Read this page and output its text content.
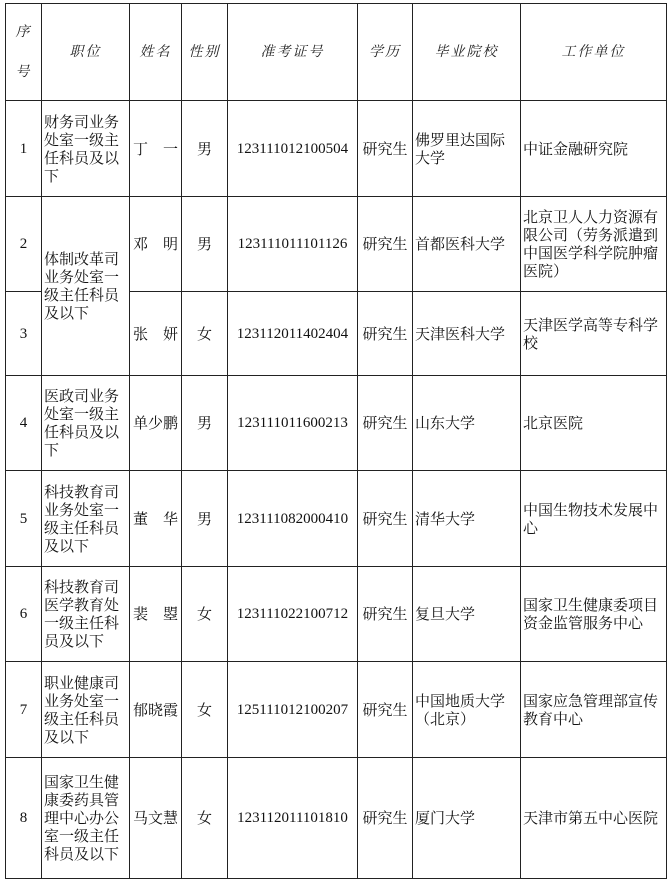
序
号	职位	姓名	性别	准考证号	学历	毕业院校	工作单位
1	财务司业务处室一级主任科员及以下	丁　一	男	123111012100504	研究生	佛罗里达国际大学	中证金融研究院
2	体制改革司业务处室一级主任科员及以下	邓　明	男	123111011101126	研究生	首都医科大学	北京卫人人力资源有限公司（劳务派遣到中国医学科学院肿瘤医院）
3		张　妍	女	123112011402404	研究生	天津医科大学	天津医学高等专科学校
4	医政司业务处室一级主任科员及以下	单少鹏	男	123111011600213	研究生	山东大学	北京医院
5	科技教育司业务处室一级主任科员及以下	董　华	男	123111082000410	研究生	清华大学	中国生物技术发展中心
6	科技教育司医学教育处一级主任科员及以下	裴　曌	女	123111022100712	研究生	复旦大学	国家卫生健康委项目资金监管服务中心
7	职业健康司业务处室一级主任科员及以下	郁晓霞	女	125111012100207	研究生	中国地质大学（北京）	国家应急管理部宣传教育中心
8	国家卫生健康委药具管理中心办公室一级主任科员及以下	马文慧	女	123112011101810	研究生	厦门大学	天津市第五中心医院
